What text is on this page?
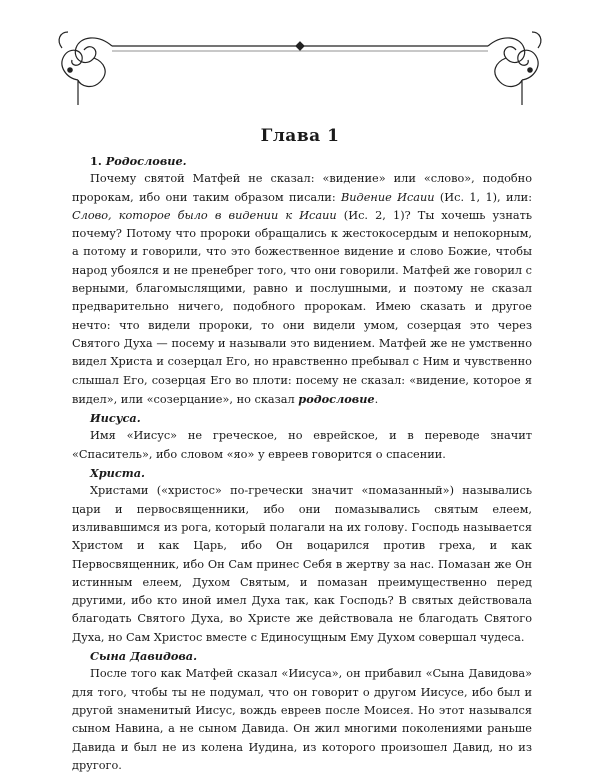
Глава 1

1. Родословие.

Почему святой Матфей не сказал: «видение» или «слово», подобно пророкам, ибо они таким образом писали: Видение Исаии (Ис. 1, 1), или: Слово, которое было в видении к Исаии (Ис. 2, 1)? Ты хочешь узнать почему? Потому что пророки обращались к жестокосердым и непокорным, а потому и говорили, что это божественное видение и слово Божие, чтобы народ убоялся и не пренебрег того, что они говорили. Матфей же говорил с верными, благомыслящими, равно и послушными, и поэтому не сказал предварительно ничего, подобного пророкам. Имею сказать и другое нечто: что видели пророки, то они видели умом, созерцая это через Святого Духа — посему и называли это видением. Матфей же не умственно видел Христа и созерцал Его, но нравственно пребывал с Ним и чувственно слышал Его, созерцая Его во плоти: посему не сказал: «видение, которое я видел», или «созерцание», но сказал родословие.

Иисуса.

Имя «Иисус» не греческое, но еврейское, и в переводе значит «Спаситель», ибо словом «яо» у евреев говорится о спасении.

Христа.

Христами («христос» по-гречески значит «помазанный») назывались цари и первосвященники, ибо они помазывались святым елеем, изливавшимся из рога, который полагали на их голову. Господь называется Христом и как Царь, ибо Он воцарился против греха, и как Первосвященник, ибо Он Сам принес Себя в жертву за нас. Помазан же Он истинным елеем, Духом Святым, и помазан преимущественно перед другими, ибо кто иной имел Духа так, как Господь? В святых действовала благодать Святого Духа, во Христе же действовала не благодать Святого Духа, но Сам Христос вместе с Единосущным Ему Духом совершал чудеса.

Сына Давидова.

После того как Матфей сказал «Иисуса», он прибавил «Сына Давидова» для того, чтобы ты не подумал, что он говорит о другом Иисусе, ибо был и другой знаменитый Иисус, вождь евреев после Моисея. Но этот назывался сыном Навина, а не сыном Давида. Он жил многими поколениями раньше Давида и был не из колена Иудина, из которого произошел Давид, но из другого.
